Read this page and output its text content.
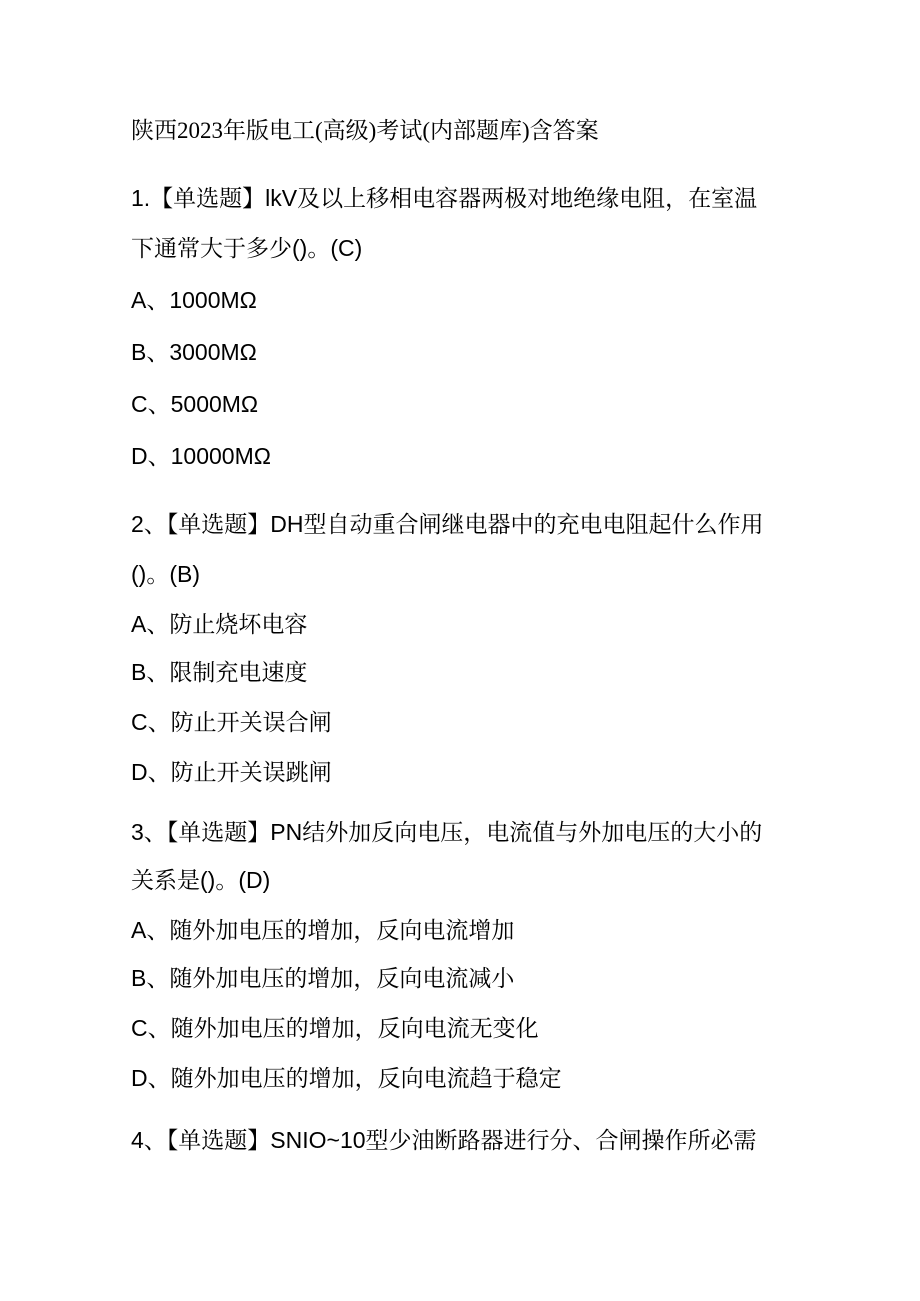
陕西2023年版电工(高级)考试(内部题库)含答案
1.【单选题】lkV及以上移相电容器两极对地绝缘电阻，在室温
下通常大于多少()。(C)
A、1000MΩ
B、3000MΩ
C、5000MΩ
D、10000MΩ
2、【单选题】DH型自动重合闸继电器中的充电电阻起什么作用
()。(B)
A、防止烧坏电容
B、限制充电速度
C、防止开关误合闸
D、防止开关误跳闸
3、【单选题】PN结外加反向电压，电流值与外加电压的大小的
关系是()。(D)
A、随外加电压的增加，反向电流增加
B、随外加电压的增加，反向电流减小
C、随外加电压的增加，反向电流无变化
D、随外加电压的增加，反向电流趋于稳定
4、【单选题】SNIO~10型少油断路器进行分、合闸操作所必需
